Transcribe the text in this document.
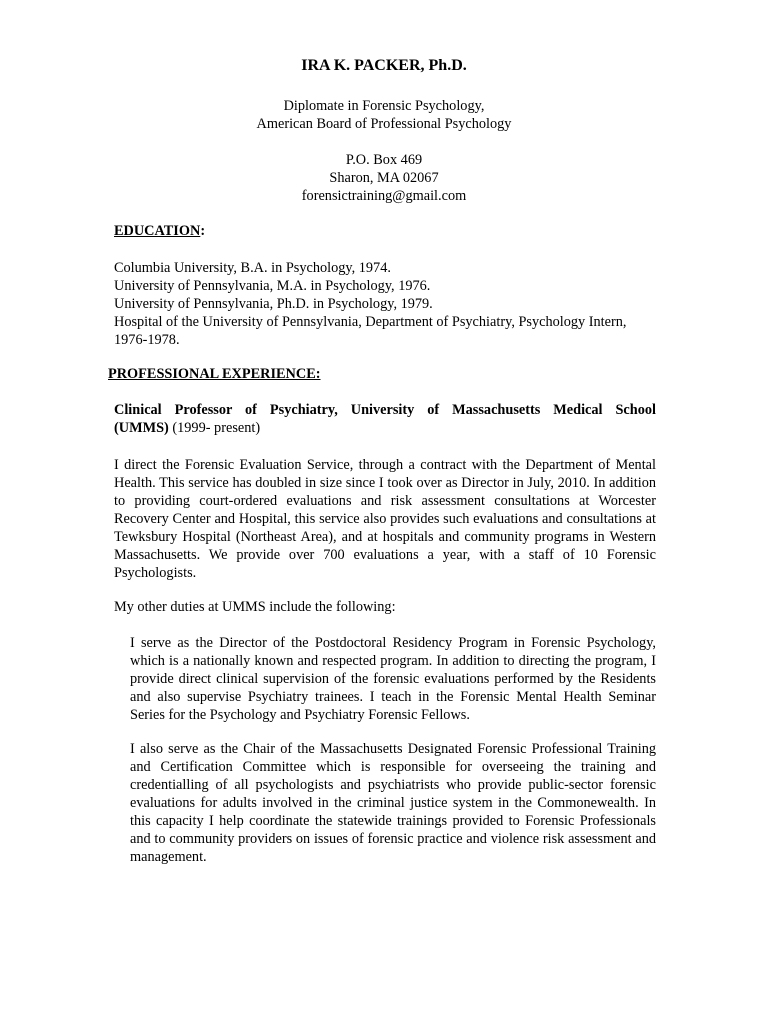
IRA K. PACKER, Ph.D.
Diplomate in Forensic Psychology,
American Board of Professional Psychology
P.O. Box 469
Sharon, MA 02067
forensictraining@gmail.com
EDUCATION:
Columbia University, B.A. in Psychology, 1974.
University of Pennsylvania, M.A. in Psychology, 1976.
University of Pennsylvania, Ph.D. in Psychology, 1979.
Hospital of the University of Pennsylvania, Department of Psychiatry, Psychology Intern,
1976-1978.
PROFESSIONAL EXPERIENCE:
Clinical Professor of Psychiatry, University of Massachusetts Medical School
(UMMS) (1999- present)
I direct the Forensic Evaluation Service, through a contract with the Department of Mental Health. This service has doubled in size since I took over as Director in July, 2010. In addition to providing court-ordered evaluations and risk assessment consultations at Worcester Recovery Center and Hospital, this service also provides such evaluations and consultations at Tewksbury Hospital (Northeast Area), and at hospitals and community programs in Western Massachusetts. We provide over 700 evaluations a year, with a staff of 10 Forensic Psychologists.
My other duties at UMMS include the following:
I serve as the Director of the Postdoctoral Residency Program in Forensic Psychology, which is a nationally known and respected program. In addition to directing the program, I provide direct clinical supervision of the forensic evaluations performed by the Residents and also supervise Psychiatry trainees. I teach in the Forensic Mental Health Seminar Series for the Psychology and Psychiatry Forensic Fellows.
I also serve as the Chair of the Massachusetts Designated Forensic Professional Training and Certification Committee which is responsible for overseeing the training and credentialling of all psychologists and psychiatrists who provide public-sector forensic evaluations for adults involved in the criminal justice system in the Commonewealth. In this capacity I help coordinate the statewide trainings provided to Forensic Professionals and to community providers on issues of forensic practice and violence risk assessment and management.
